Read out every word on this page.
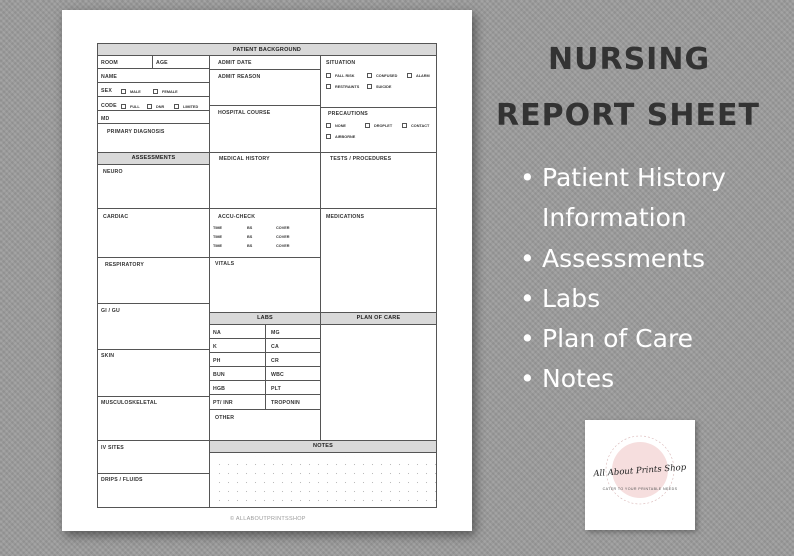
PATIENT BACKGROUND
ROOM	AGE
NAME
SEX	MALE	FEMALE
CODE	FULL	DNR	LIMITED
MD
PRIMARY DIAGNOSIS
ADMIT DATE
ADMIT REASON
HOSPITAL COURSE
SITUATION
FALL RISK	CONFUSED	ALARM
RESTRAINTS	SUICIDE
PRECAUTIONS
NONE	DROPLET	CONTACT
AIRBORNE
ASSESSMENTS
NEURO
CARDIAC
RESPIRATORY
GI / GU
SKIN
MUSCULOSKELETAL
IV SITES
DRIPS / FLUIDS
MEDICAL HISTORY
ACCU-CHECK
TIME	BS	COVER
TIME	BS	COVER
TIME	BS	COVER
VITALS
LABS
NA	MG
K	CA
PH	CR
BUN	WBC
HGB	PLT
PT/ INR	TROPONIN
OTHER
TESTS / PROCEDURES
MEDICATIONS
PLAN OF CARE
NOTES
© ALLABOUTPRINTSSHOP
NURSING
REPORT SHEET
• Patient History
Information
• Assessments
• Labs
• Plan of Care
• Notes
All About Prints Shop
CATER TO YOUR PRINTABLE NEEDS
